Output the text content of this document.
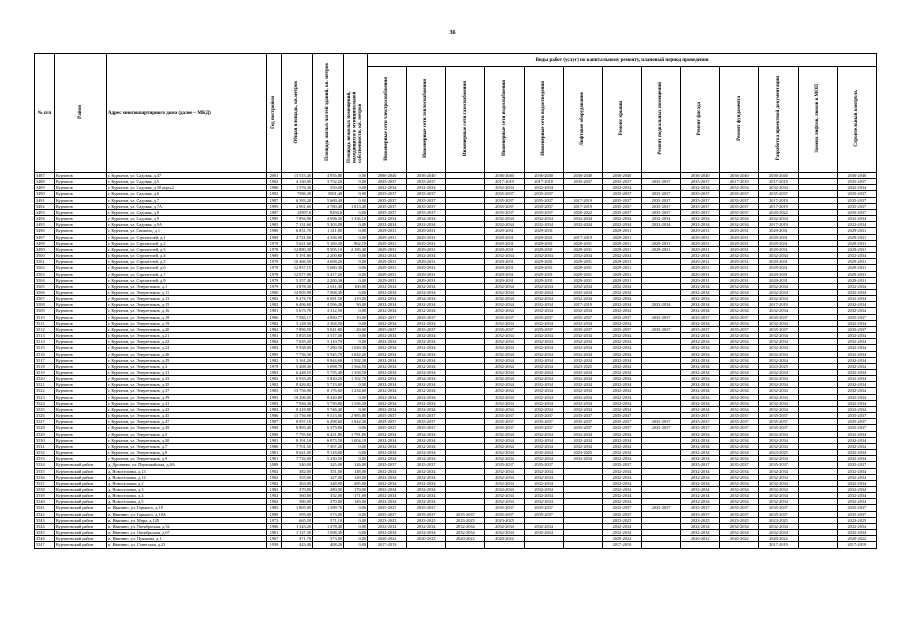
36
№ п/п	Район	Адрес многоквартирного дома (далее – МКД)	Год постройки	Общая площадь, кв.метров	Площадь жилых частей зданий, кв. метров	Площадь нежилых помещений, находящихся в муниципальной собственности, кв. метров	Виды работ (услуг) по капитальному ремонту, плановый период проведения												
							Инженерные сети электроснабжения	Инженерные сети теплоснабжения	Инженерные сети газоснабжения	Инженерные сети водоснабжения	Инженерные сети водоотведения	Лифтовое оборудование	Ремонт крыши	Ремонт подвальных помещений	Ремонт фасада	Ремонт фундамента	Разработка проектной документации	Замена лифтов, люков в МОП	Строительный контроль
3487	Курчатов	г. Курчатов, ул. Садовая, д.47	2001	13 515,40	4 955,80	0,00	2086-2040	2036-2040		2036-2040	2036-2040	2036-2040	2036-2040		2036-2040	2036-2040	2036-2040		2036-2040
3488	Курчатов	г. Курчатов, ул. Садовая, д.5	1982	4 130,00	3 752,20	0,00	2035-2037	2035-2037		2017-2019	2017-2018	2035-2037	2035-2037	2035-2037	2035-2037	2017-2019	2017-2019		2035-2037
3489	Курчатов	г. Курчатов, ул. Садовая, д.50 корп.2	1980	1 576,30	350,00	0,00	2032-2034	2032-2034		2032-2034	2032-2034		2032-2034		2032-2034	2032-2034	2032-2034		2032-2034
3490	Курчатов	г. Курчатов, ул. Садовая, д.6	1982	7586,30	5001,40	0,00	2035-2037	2035-2037		2035-2037	2035-2037		2035-2037	2035-2037	2035-2037	2035-2037	2035-2037		2035-2037
3491	Курчатов	г. Курчатов, ул. Садовая, д.7	1987	6 583,20	5 669,40	0,00	2035-2037	2035-2037		2035-2037	2035-2037	2017-2019	2035-2037	2035-2037	2035-2037	2035-2037	2017-2019		2035-2037
3492	Курчатов	г. Курчатов, ул. Садовая, д.7А	1995	2 901,60	2 780,40	1 813,40	2035-2037	2035-2037		2035-2037	2035-2037	2017-2019	2035-2037	2035-2037	2035-2037	2035-2037	2017-2019		2035-2037
3493	Курчатов	г. Курчатов, ул. Садовая, д.8	1987	12897,6	8294,8	0,00	2035-2037	2035-2037		2035-2037	2035-2037	2020-2022	2035-2037	2035-2037	2035-2037	2035-2037	2020-2022		2035-2037
3494	Курчатов	г. Курчатов, ул. Садовая, д.9	1985	7 894,90	4 696,30	1 336,10	2032-2034	2032-2034		2032-2034	2032-2034	2032-2034	2032-2034	2032-2034	2032-2034	2032-2034	2032-2034		2032-2034
3495	Курчатов	г. Курчатов, ул. Садовая, д.9А	1985	7 131,60	5 203,00	0,00	2032-2034	2032-2034		2032-2034	2032-2034	2032-2034	2032-2034	2032-2034	2032-2034	2032-2034	2017-2019		2032-2034
3496	Курчатов	г. Курчатов, ул. Свиноец, д.1	1980	6 831,70	1 311,00	0,00	2029-2031	2029-2031		2029-2031	2029-2031		2029-2031		2029-2031	2029-2031	2029-2031		2029-2031
3497	Курчатов	г. Курчатов, ул. Строителей, д.1	1989	4 721,00	4 336,90	0,00	2029-2031	2029-2031		2029-2031	2029-2031	2017-2019	2029-2031		2029-2031	2029-2031	2029-2031		2029-2031
3498	Курчатов	г. Курчатов, ул. Строителей, д.2	1979	5 621,60	5 169,30	862,10	2029-2031	2029-2031		2029-2031	2029-2031	2029-2031	2029-2031	2029-2031	2029-2031	2029-2031	2029-2031		2029-2031
3499	Курчатов	г. Курчатов, ул. Строителей, д.3	1978	12 880,30	9 505,10	2 185,40	2029-2031	2029-2031		2029-2031	2029-2031	2029-2031	2029-2031	2029-2031	2029-2031	2029-2031	2029-2031		2029-2031
3500	Курчатов	г. Курчатов, ул. Строителей, д.4	1980	5 191,80	2 200,80	0,00	2032-2034	2032-2034		2032-2034	2032-2034	2032-2034	2032-2034		2032-2034	2032-2034	2032-2034		2032-2034
3501	Курчатов	г. Курчатов, ул. Строителей, д.5	1979	10 466,50	4 698,20	0,00	2029-2031	2029-2031		2029-2031	2029-2031	2029-2031	2029-2031		2029-2031	2029-2031	2029-2031		2029-2031
3502	Курчатов	г. Курчатов, ул. Строителей, д.6	1979	12 857,15	5 680,30	0,00	2029-2031	2029-2031		2029-2031	2029-2031	2029-2031	2029-2031		2029-2031	2029-2031	2029-2031		2029-2031
3503	Курчатов	г. Курчатов, ул. Строителей, д.7	1978	12 077,00	5 417,20	0,00	2029-2031	2029-2031		2029-2031	2029-2031	2029-2031	2029-2031		2029-2031	2029-2031	2029-2031		2029-2031
3504	Курчатов	г. Курчатов, ул. Строителей, д.9	1979	5 357,40	2 200,30	0,00	2029-2031	2029-2031		2029-2031	2029-2031	2029-2031	2029-2031		2029-2031	2029-2031	2029-2031		2029-2031
3505	Курчатов	г. Курчатов, ул. Энергетиков, д.1	1979	3 878,30	2 611,30	100,00	2032-2034	2032-2034		2032-2034	2032-2034	2032-2034	2032-2034		2032-2034	2032-2034	2032-2034		2032-2034
3506	Курчатов	г. Курчатов, ул. Энергетиков, д.11	1980	14 905,90	7 068,30	0,00	2032-2034	2032-2034		2032-2034	2032-2034	2032-2034	2032-2034		2032-2034	2032-2034	2032-2034		2032-2034
3507	Курчатов	г. Курчатов, ул. Энергетиков, д.13	1982	9 474,70	6 681,50	219,00	2032-2034	2032-2034		2032-2034	2032-2034	2032-2034	2032-2034		2032-2034	2032-2034	2032-2034		2032-2034
3508	Курчатов	г. Курчатов, ул. Энергетиков, д.15	1982	6 406,60	4 596,40	90,00	2032-2034	2032-2034		2032-2034	2032-2034	2017-2019	2032-2034	2032-2034	2032-2034	2032-2034	2017-2019		2032-2034
3509	Курчатов	г. Курчатов, ул. Энергетиков, д.16	1981	5 675,70	3 312,50	0,00	2032-2034	2032-2034		2032-2034	2032-2034	2032-2034	2032-2034		2032-2034	2032-2034	2032-2034		2032-2034
3510	Курчатов	г. Курчатов, ул. Энергетиков, д.18	1986	7 585,17	4 890,77	10,00	2035-2037	2035-2037		2035-2037	2035-2037	2035-2037	2035-2037	2035-2037	2035-2037	2035-2037	2035-2037		2035-2037
3511	Курчатов	г. Курчатов, ул. Энергетиков, д.19	1982	3 128,50	2 364,50	0,00	2032-2034	2032-2034		2032-2034	2032-2034	2032-2034	2032-2034		2032-2034	2032-2034	2032-2034		2032-2034
3512	Курчатов	г. Курчатов, ул. Энергетиков, д.20	1982	7 896,50	5 041,80	20,00	2035-2037	2035-2037		2035-2037	2035-2037	2035-2037	2035-2037	2035-2037	2035-2037	2035-2037	2035-2037		2035-2037
3513	Курчатов	г. Курчатов, ул. Энергетиков, д.21	1981	5 855,50	3 517,30	0,00	2032-2034	2032-2034		2032-2034	2032-2034	2032-2034	2032-2034		2032-2034	2032-2034	2032-2034		2032-2034
3514	Курчатов	г. Курчатов, ул. Энергетиков, д.22	1984	7 635,20	5 110,70	0,00	2032-2034	2032-2034		2032-2034	2032-2034	2032-2034	2032-2034		2032-2034	2032-2034	2032-2034		2032-2034
3515	Курчатов	г. Курчатов, ул. Энергетиков, д.24	1983	9 938,00	7 290,50	1 040,30	2032-2034	2032-2034		2032-2034	2032-2034	2032-2034	2032-2034		2032-2034	2032-2034	2032-2034		2032-2034
3516	Курчатов	г. Курчатов, ул. Энергетиков, д.26	1985	7 736,30	5 545,70	1 042,20	2032-2034	2032-2034		2032-2034	2032-2034	2032-2034	2032-2034		2032-2034	2032-2034	2032-2034		2032-2034
3517	Курчатов	г. Курчатов, ул. Энергетиков, д.29	1982	3 161,20	9 844,60	1 582,30	2032-2034	2032-2034		2032-2034	2032-2034	2032-2034	2032-2034		2032-2034	2032-2034	2032-2034		2032-2034
3518	Курчатов	г. Курчатов, ул. Энергетиков, д.3	1979	5 408,30	5 098,70	1 564,50	2032-2034	2032-2034		2032-2034	2032-2034	2023-2025	2032-2034		2032-2034	2032-2034	2023-2025		2032-2034
3519	Курчатов	г. Курчатов, ул. Энергетиков, д.31	1983	6 448,10	5 755,40	1 358,50	2032-2034	2032-2034		2032-2034	2032-2034	2032-2034	2032-2034		2032-2034	2032-2034	2032-2034		2032-2034
3520	Курчатов	г. Курчатов, ул. Энергетиков, д.33	1982	6 935,20	5 820,20	1 102,70	2032-2034	2032-2034		2032-2034	2032-2034	2032-2034	2032-2034		2032-2034	2032-2034	2032-2034		2032-2034
3521	Курчатов	г. Курчатов, ул. Энергетиков, д.35	1982	8 426,82	5 713,60	0,00	2032-2034	2032-2034		2032-2034	2032-2034	2032-2034	2032-2034		2032-2034	2032-2034	2032-2034		2032-2034
3522	Курчатов	г. Курчатов, ул. Энергетиков, д.37	1983	13 756,90	8 176,60	1 234,60	2032-2034	2032-2034		2032-2034	2032-2034	2032-2034	2032-2034		2032-2034	2032-2034	2032-2034		2032-2034
3523	Курчатов	г. Курчатов, ул. Энергетиков, д.39	1983	10 296,00	8 420,80	0,00	2032-2034	2032-2034		2032-2034	2032-2034	2032-2034	2032-2034		2032-2034	2032-2034	2032-2034		2032-2034
3524	Курчатов	г. Курчатов, ул. Энергетиков, д.41	1983	7 926,30	5 739,80	1 536,30	2032-2034	2032-2034		2032-2034	2032-2034	2032-2034	2032-2034		2032-2034	2032-2034	2032-2034		2032-2034
3525	Курчатов	г. Курчатов, ул. Энергетиков, д.43	1983	8 418,80	5 746,40	0,00	2032-2034	2032-2034		2032-2034	2032-2034	2032-2034	2032-2034		2032-2034	2032-2034	2032-2034		2032-2034
3526	Курчатов	г. Курчатов, ул. Энергетиков, д.45	1986	13 756,90	9 513,00	2 985,80	2035-2037	2035-2037		2035-2037	2035-2037	2035-2037	2035-2037		2035-2037	2035-2037	2035-2037		2035-2037
3527	Курчатов	г. Курчатов, ул. Энергетиков, д.47	1987	8 957,10	6 298,60	1 942,30	2035-2037	2035-2037		2035-2037	2035-2037	2035-2037	2035-2037	2035-2037	2035-2037	2035-2037	2035-2037		2035-2037
3528	Курчатов	г. Курчатов, ул. Энергетиков, д.49	1989	8 895,40	6 379,80	0,00	2035-2037	2035-2037		2035-2037	2035-2037	2035-2037	2035-2037	2035-2037	2035-2037	2035-2037	2035-2037		2035-2037
3529	Курчатов	г. Курчатов, ул. Энергетиков, д.5	1980	7 795,60	6 421,80	1 791,80	2032-2034	2032-2034		2032-2034	2032-2034	2032-2034	2032-2034		2032-2034	2032-2034	2032-2034		2032-2034
3530	Курчатов	г. Курчатов, ул. Энергетиков, д.50	1981	8 191,10	6 073,50	1 004,10	2032-2034	2032-2034		2032-2034	2032-2034	2032-2034	2032-2034		2032-2034	2032-2034	2032-2034		2032-2034
3531	Курчатов	г. Курчатов, ул. Энергетиков, д.7	1980	7 701,50	7 507,20	0,00	2032-2034	2032-2034		2032-2034	2032-2034	2032-2034	2032-2034		2032-2034	2032-2034	2032-2034		2032-2034
3532	Курчатов	г. Курчатов, ул. Энергетиков, д.8	1981	9 641,00	9 118,00	0,00	2032-2034	2032-2034		2032-2034	2032-2034	2023-2025	2032-2034		2032-2034	2032-2034	2023-2025		2032-2034
3533	Курчатов	г. Курчатов, ул. Энергетиков, д.9	1981	7 732,00	5 330,50	0,00	2032-2034	2032-2034		2032-2034	2032-2034	2032-2034	2032-2034		2032-2034	2032-2034	2032-2034		2032-2034
3534	Курчатовский район	д. Дроняево, ул. Первомайская, д.8А	1989	340,00	325,00	126,00	2035-2037	2035-2037		2035-2037	2035-2037		2035-2037		2035-2037	2035-2037	2035-2037		2035-2037
3535	Курчатовский район	д. Новоселовка, д.13	1982	382,00	351,00	148,00	2032-2034	2032-2034		2032-2034	2032-2034		2032-2034		2032-2034	2032-2034	2032-2034		2032-2034
3536	Курчатовский район	д. Новоселовка, д.14	1982	355,00	327,00	149,00	2032-2034	2032-2034		2032-2034	2032-2034		2032-2034		2032-2034	2032-2034	2032-2034		2032-2034
3537	Курчатовский район	д. Новоселовка, д.2	1982	363,00	348,00	285,00	2032-2034	2032-2034		2032-2034	2032-2034		2032-2034		2032-2034	2032-2034	2032-2034		2032-2034
3538	Курчатовский район	д. Новоселовка, д.3	1982	370,00	280,00	170,00	2032-2034	2032-2034		2032-2034	2032-2034		2032-2034		2032-2034	2032-2034	2032-2034		2032-2034
3539	Курчатовский район	д. Новоселовка, д.4	1982	360,00	352,00	171,00	2032-2034	2032-2034		2032-2034	2032-2034		2032-2034		2032-2034	2032-2034	2032-2034		2032-2034
3540	Курчатовский район	д. Новоселовка, д.5	1982	380,00	370,00	149,00	2032-2034	2032-2034		2032-2034	2032-2034		2032-2034		2032-2034	2032-2034	2032-2034		2032-2034
3541	Курчатовский район	п. Иванино, ул. Горького, д.18	1985	1 805,00	1 589,70	0,00	2035-2037	2035-2037		2035-2037	2035-2037		2035-2037	2035-2037	2035-2037	2035-2037	2035-2037		2035-2037
3542	Курчатовский район	п. Иванино, ул. Горького, д.18А	1989	395,00	373,00	0,00	2035-2037	2035-2037	2035-2037	2035-2037	2035-2037		2035-2037		2035-2037	2035-2037	2035-2037		2035-2037
3543	Курчатовский район	п. Иванино, ул. Мира, д.120	1972	665,50	571,10	0,00	2023-2025	2023-2025	2023-2025	2023-2025			2023-2025		2023-2025	2023-2025	2023-2025		2023-2025
3544	Курчатовский район	п. Иванино, ул. Октябрьская, д.52	1986	1 343,20	1 278,40	0,00	2032-2034	2032-2034	2032-2034	2032-2034	2032-2034		2032-2034		2032-2034	2032-2034	2032-2034		2032-2034
3545	Курчатовский район	п. Иванино, ул. Октябрьская, д.67	1981	1 127,30	1 098,30	0,00	2032-2034	2032-2034	2032-2034	2032-2034	2032-2034		2032-2034		2032-2034	2032-2034	2032-2034		2032-2034
3546	Курчатовский район	п. Иванино, ул. Пушкина, д.1	1967	471,70	373,00	0,00	2020-2022	2020-2022	2020-2022	2020-2022			2020-2022		2020-2022	2020-2022	2020-2022		2020-2022
3547	Курчатовский район	п. Иванино, ул. Советская, д.23	1958	443,40	408,20	0,00	2017-2019						2017-2019				2017-2019		2017-2019
